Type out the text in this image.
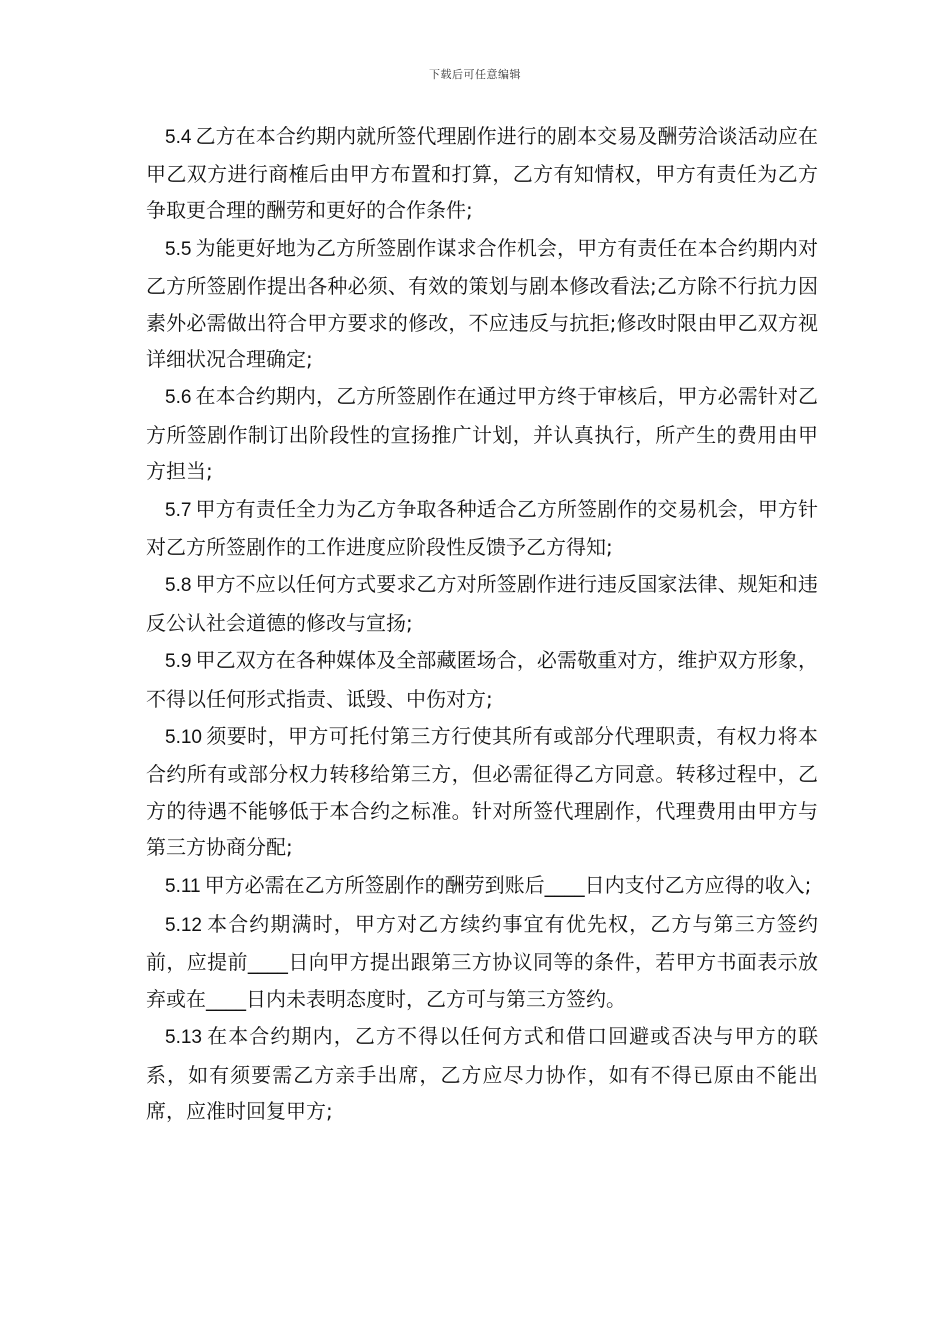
下载后可任意编辑

5.4 乙方在本合约期内就所签代理剧作进行的剧本交易及酬劳洽谈活动应在甲乙双方进行商榷后由甲方布置和打算，乙方有知情权，甲方有责任为乙方争取更合理的酬劳和更好的合作条件;

5.5 为能更好地为乙方所签剧作谋求合作机会，甲方有责任在本合约期内对乙方所签剧作提出各种必须、有效的策划与剧本修改看法;乙方除不行抗力因素外必需做出符合甲方要求的修改，不应违反与抗拒;修改时限由甲乙双方视详细状况合理确定;

5.6 在本合约期内，乙方所签剧作在通过甲方终于审核后，甲方必需针对乙方所签剧作制订出阶段性的宣扬推广计划，并认真执行，所产生的费用由甲方担当;

5.7 甲方有责任全力为乙方争取各种适合乙方所签剧作的交易机会，甲方针对乙方所签剧作的工作进度应阶段性反馈予乙方得知;

5.8 甲方不应以任何方式要求乙方对所签剧作进行违反国家法律、规矩和违反公认社会道德的修改与宣扬;

5.9 甲乙双方在各种媒体及全部藏匿场合，必需敬重对方，维护双方形象，不得以任何形式指责、诋毁、中伤对方;

5.10 须要时，甲方可托付第三方行使其所有或部分代理职责，有权力将本合约所有或部分权力转移给第三方，但必需征得乙方同意。转移过程中，乙方的待遇不能够低于本合约之标准。针对所签代理剧作，代理费用由甲方与第三方协商分配;

5.11 甲方必需在乙方所签剧作的酬劳到账后____日内支付乙方应得的收入;

5.12 本合约期满时，甲方对乙方续约事宜有优先权，乙方与第三方签约前，应提前____日向甲方提出跟第三方协议同等的条件，若甲方书面表示放弃或在____日内未表明态度时，乙方可与第三方签约。

5.13 在本合约期内，乙方不得以任何方式和借口回避或否决与甲方的联系，如有须要需乙方亲手出席，乙方应尽力协作，如有不得已原由不能出席，应准时回复甲方;
